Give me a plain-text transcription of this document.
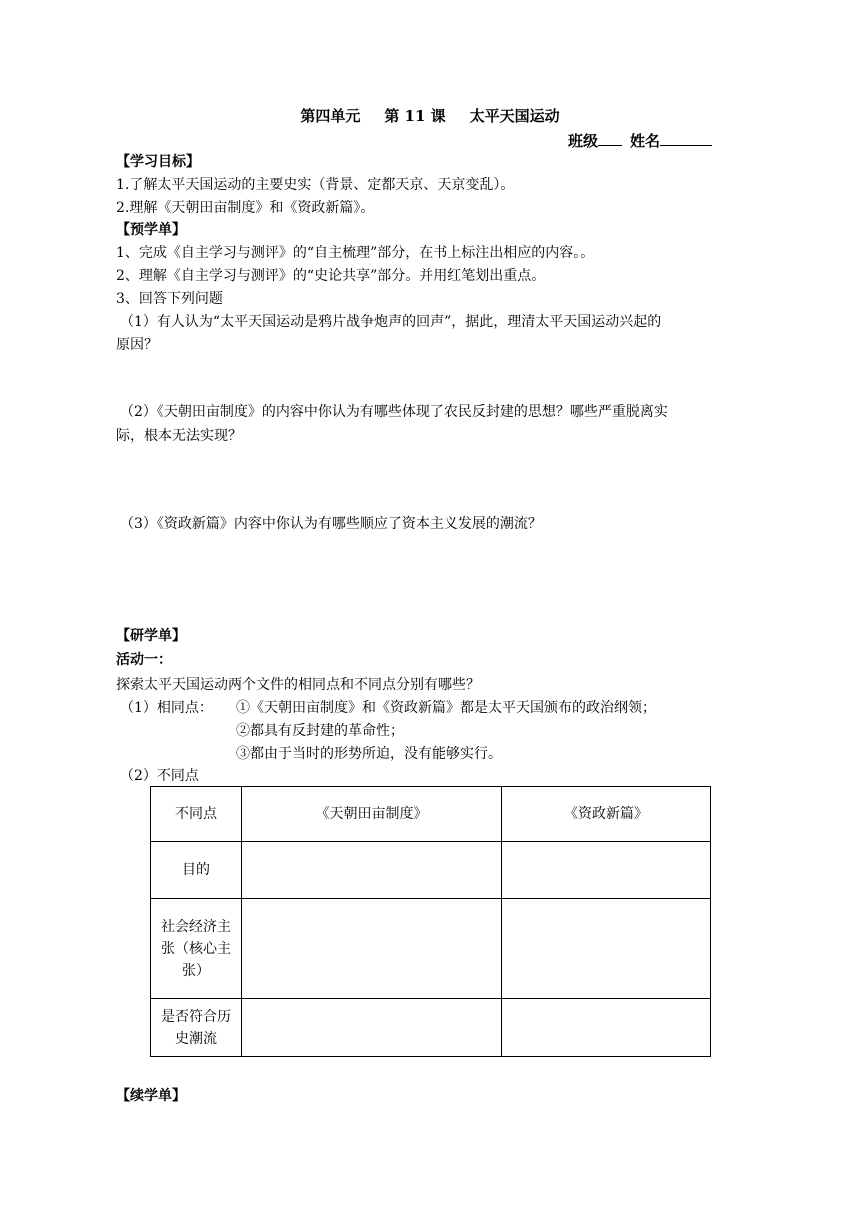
第四单元 第 11 课 太平天国运动
班级 姓名
【学习目标】
1.了解太平天国运动的主要史实（背景、定都天京、天京变乱）。
2.理解《天朝田亩制度》和《资政新篇》。
【预学单】
1、完成《自主学习与测评》的“自主梳理”部分，在书上标注出相应的内容。。
2、理解《自主学习与测评》的“史论共享”部分。并用红笔划出重点。
3、回答下列问题
（1）有人认为“太平天国运动是鸦片战争炮声的回声”，据此，理清太平天国运动兴起的
原因？
（2）《天朝田亩制度》的内容中你认为有哪些体现了农民反封建的思想？哪些严重脱离实
际，根本无法实现？
（3）《资政新篇》内容中你认为有哪些顺应了资本主义发展的潮流？
【研学单】
活动一：
探索太平天国运动两个文件的相同点和不同点分别有哪些？
（1）相同点： ①《天朝田亩制度》和《资政新篇》都是太平天国颁布的政治纲领；
②都具有反封建的革命性；
③都由于当时的形势所迫，没有能够实行。
（2）不同点
不同点	《天朝田亩制度》	《资政新篇》
目的		
社会经济主张（核心主张）		
是否符合历史潮流		
【续学单】
